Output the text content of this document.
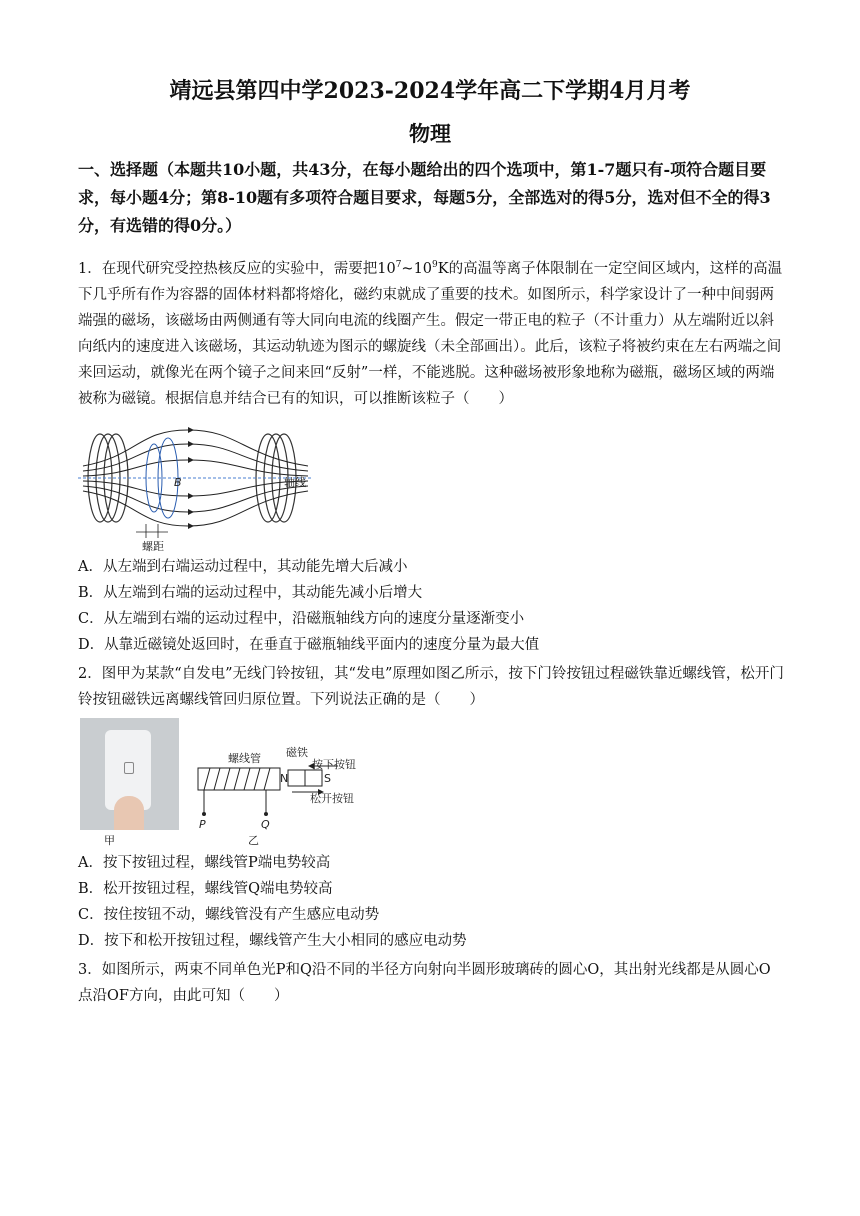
靖远县第四中学2023-2024学年高二下学期4月月考
物理

一、选择题（本题共10小题，共43分，在每小题给出的四个选项中，第1-7题只有-项符合题目要求，每小题4分；第8-10题有多项符合题目要求，每题5分，全部选对的得5分，选对但不全的得3分，有选错的得0分。）

1．在现代研究受控热核反应的实验中，需要把$10^7\sim 10^9K$的高温等离子体限制在一定空间区域内，这样的高温下几乎所有作为容器的固体材料都将熔化，磁约束就成了重要的技术。如图所示，科学家设计了一种中间弱两端强的磁场，该磁场由两侧通有等大同向电流的线圈产生。假定一带正电的粒子（不计重力）从左端附近以斜向纸内的速度进入该磁场，其运动轨迹为图示的螺旋线（未全部画出）。此后，该粒子将被约束在左右两端之间来回运动，就像光在两个镜子之间来回“反射”一样，不能逃脱。这种磁场被形象地称为磁瓶，磁场区域的两端被称为磁镜。根据信息并结合已有的知识，可以推断该粒子（　　）

B	轴线
螺距
A．从左端到右端运动过程中，其动能先增大后减小
B．从左端到右端的运动过程中，其动能先减小后增大
C．从左端到右端的运动过程中，沿磁瓶轴线方向的速度分量逐渐变小
D．从靠近磁镜处返回时，在垂直于磁瓶轴线平面内的速度分量为最大值

2．图甲为某款“自发电”无线门铃按钮，其“发电”原理如图乙所示，按下门铃按钮过程磁铁靠近螺线管，松开门铃按钮磁铁远离螺线管回归原位置。下列说法正确的是（　　）

甲
螺线管
P	Q
N	S
磁铁
按下按钮
松开按钮
乙
A．按下按钮过程，螺线管P端电势较高
B．松开按钮过程，螺线管Q端电势较高
C．按住按钮不动，螺线管没有产生感应电动势
D．按下和松开按钮过程，螺线管产生大小相同的感应电动势

3．如图所示，两束不同单色光P和Q沿不同的半径方向射向半圆形玻璃砖的圆心O，其出射光线都是从圆心O点沿OF方向，由此可知（　　）
